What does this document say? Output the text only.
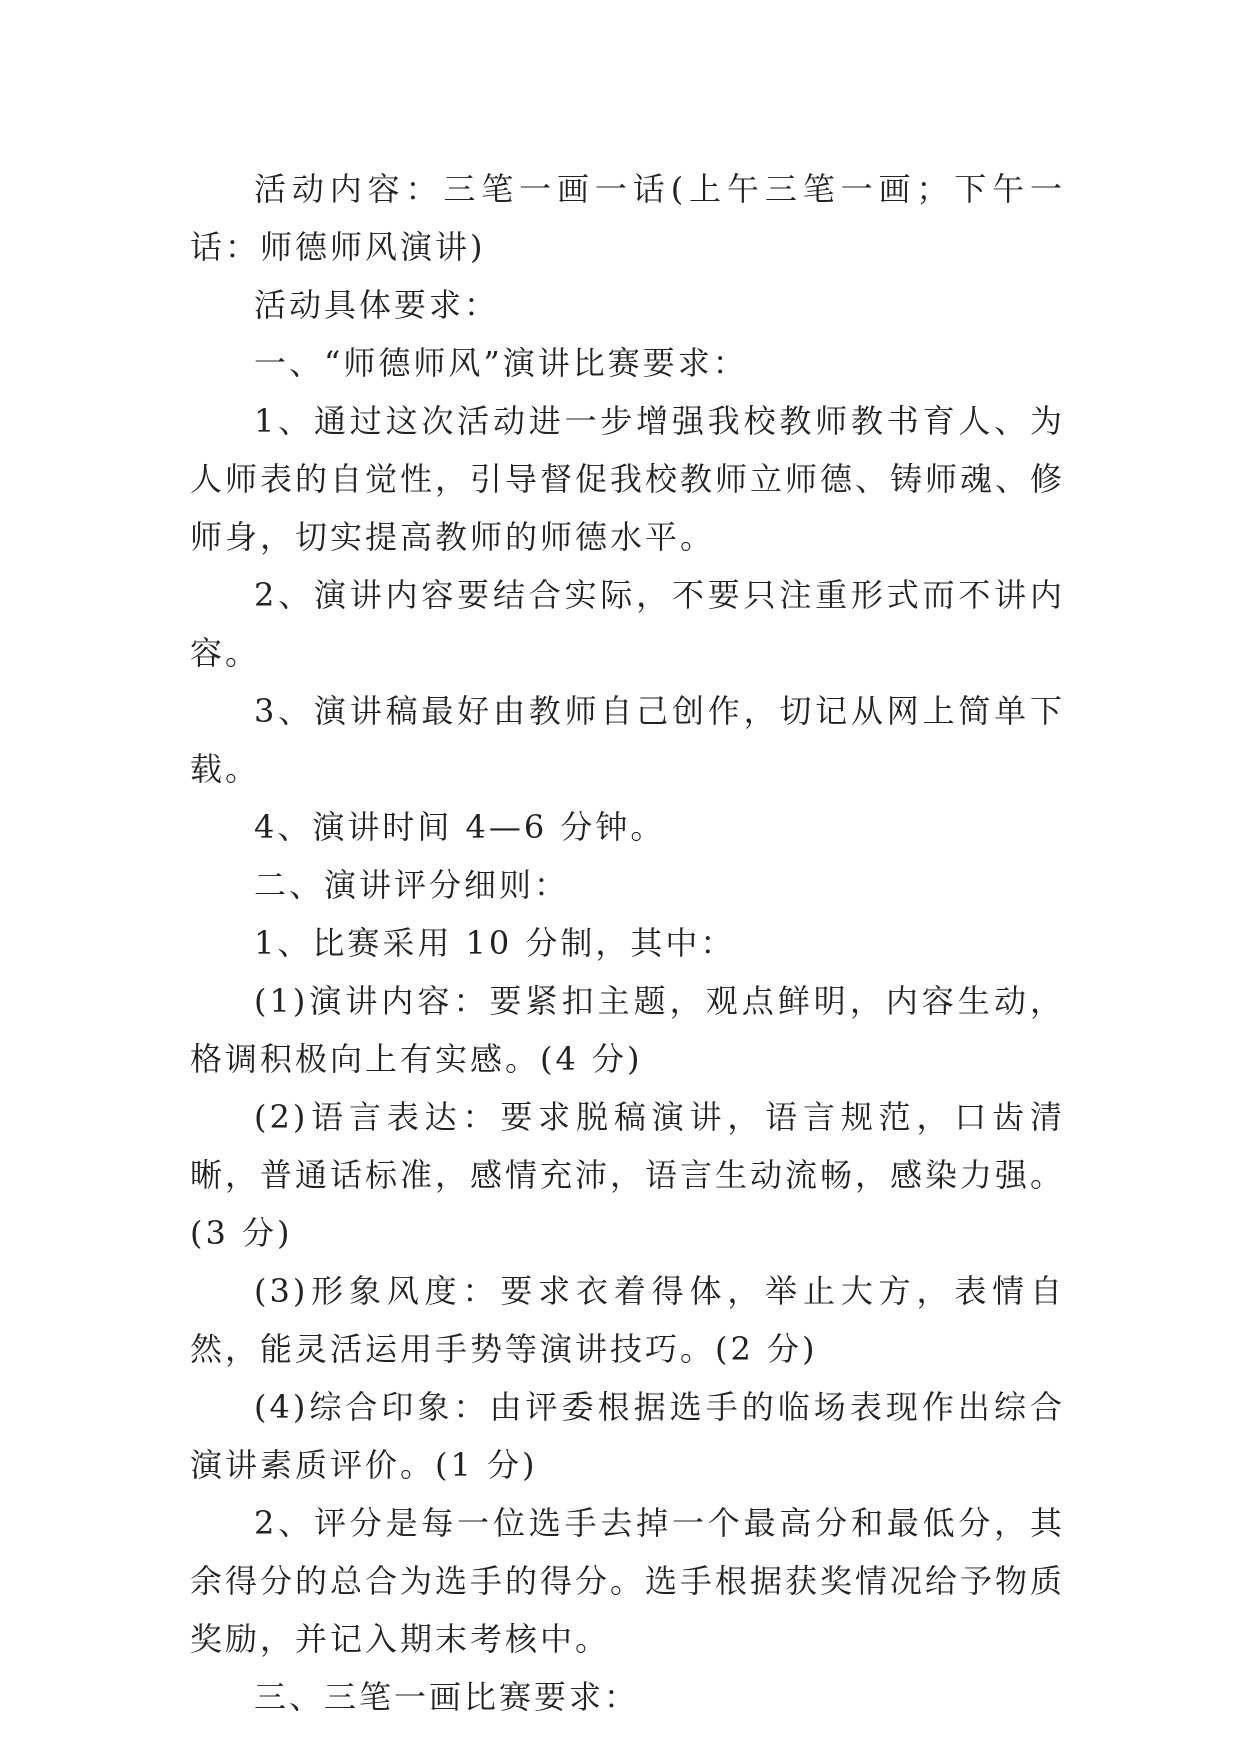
活动内容：三笔一画一话(上午三笔一画；下午一话：师德师风演讲)

活动具体要求：

一、“师德师风”演讲比赛要求：

1、通过这次活动进一步增强我校教师教书育人、为人师表的自觉性，引导督促我校教师立师德、铸师魂、修师身，切实提高教师的师德水平。

2、演讲内容要结合实际，不要只注重形式而不讲内容。

3、演讲稿最好由教师自己创作，切记从网上简单下载。

4、演讲时间 4—6 分钟。

二、演讲评分细则：

1、比赛采用 10 分制，其中：

(1)演讲内容：要紧扣主题，观点鲜明，内容生动，格调积极向上有实感。(4 分)

(2)语言表达：要求脱稿演讲，语言规范，口齿清晰，普通话标准，感情充沛，语言生动流畅，感染力强。(3 分)

(3)形象风度：要求衣着得体，举止大方，表情自然，能灵活运用手势等演讲技巧。(2 分)

(4)综合印象：由评委根据选手的临场表现作出综合演讲素质评价。(1 分)

2、评分是每一位选手去掉一个最高分和最低分，其余得分的总合为选手的得分。选手根据获奖情况给予物质奖励，并记入期末考核中。

三、三笔一画比赛要求：
